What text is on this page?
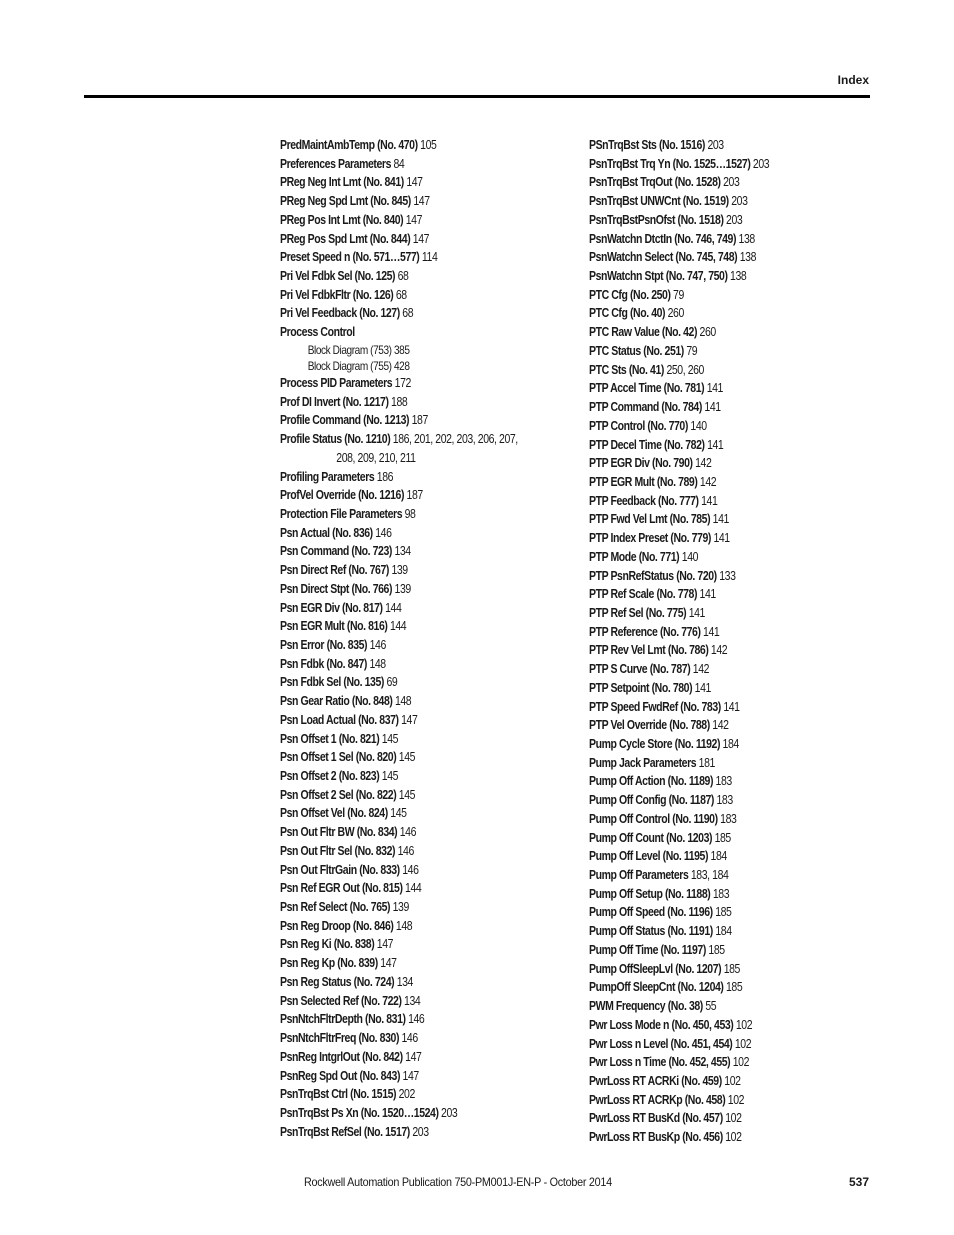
Index
PredMaintAmbTemp (No. 470) 105
Preferences Parameters 84
PReg Neg Int Lmt (No. 841) 147
PReg Neg Spd Lmt (No. 845) 147
PReg Pos Int Lmt (No. 840) 147
PReg Pos Spd Lmt (No. 844) 147
Preset Speed n (No. 571…577) 114
Pri Vel Fdbk Sel (No. 125) 68
Pri Vel FdbkFltr (No. 126) 68
Pri Vel Feedback (No. 127) 68
Process Control
Block Diagram (753) 385
Block Diagram (755) 428
Process PID Parameters 172
Prof DI Invert (No. 1217) 188
Profile Command (No. 1213) 187
Profile Status (No. 1210) 186, 201, 202, 203, 206, 207,
208, 209, 210, 211
Profiling Parameters 186
ProfVel Override (No. 1216) 187
Protection File Parameters 98
Psn Actual (No. 836) 146
Psn Command (No. 723) 134
Psn Direct Ref (No. 767) 139
Psn Direct Stpt (No. 766) 139
Psn EGR Div (No. 817) 144
Psn EGR Mult (No. 816) 144
Psn Error (No. 835) 146
Psn Fdbk (No. 847) 148
Psn Fdbk Sel (No. 135) 69
Psn Gear Ratio (No. 848) 148
Psn Load Actual (No. 837) 147
Psn Offset 1 (No. 821) 145
Psn Offset 1 Sel (No. 820) 145
Psn Offset 2 (No. 823) 145
Psn Offset 2 Sel (No. 822) 145
Psn Offset Vel (No. 824) 145
Psn Out Fltr BW (No. 834) 146
Psn Out Fltr Sel (No. 832) 146
Psn Out FltrGain (No. 833) 146
Psn Ref EGR Out (No. 815) 144
Psn Ref Select (No. 765) 139
Psn Reg Droop (No. 846) 148
Psn Reg Ki (No. 838) 147
Psn Reg Kp (No. 839) 147
Psn Reg Status (No. 724) 134
Psn Selected Ref (No. 722) 134
PsnNtchFltrDepth (No. 831) 146
PsnNtchFltrFreq (No. 830) 146
PsnReg IntgrlOut (No. 842) 147
PsnReg Spd Out (No. 843) 147
PsnTrqBst Ctrl (No. 1515) 202
PsnTrqBst Ps Xn (No. 1520…1524) 203
PsnTrqBst RefSel (No. 1517) 203
PSnTrqBst Sts (No. 1516) 203
PsnTrqBst Trq Yn (No. 1525…1527) 203
PsnTrqBst TrqOut (No. 1528) 203
PsnTrqBst UNWCnt (No. 1519) 203
PsnTrqBstPsnOfst (No. 1518) 203
PsnWatchn DtctIn (No. 746, 749) 138
PsnWatchn Select (No. 745, 748) 138
PsnWatchn Stpt (No. 747, 750) 138
PTC Cfg (No. 250) 79
PTC Cfg (No. 40) 260
PTC Raw Value (No. 42) 260
PTC Status (No. 251) 79
PTC Sts (No. 41) 250, 260
PTP Accel Time (No. 781) 141
PTP Command (No. 784) 141
PTP Control (No. 770) 140
PTP Decel Time (No. 782) 141
PTP EGR Div (No. 790) 142
PTP EGR Mult (No. 789) 142
PTP Feedback (No. 777) 141
PTP Fwd Vel Lmt (No. 785) 141
PTP Index Preset (No. 779) 141
PTP Mode (No. 771) 140
PTP PsnRefStatus (No. 720) 133
PTP Ref Scale (No. 778) 141
PTP Ref Sel (No. 775) 141
PTP Reference (No. 776) 141
PTP Rev Vel Lmt (No. 786) 142
PTP S Curve (No. 787) 142
PTP Setpoint (No. 780) 141
PTP Speed FwdRef (No. 783) 141
PTP Vel Override (No. 788) 142
Pump Cycle Store (No. 1192) 184
Pump Jack Parameters 181
Pump Off Action (No. 1189) 183
Pump Off Config (No. 1187) 183
Pump Off Control (No. 1190) 183
Pump Off Count (No. 1203) 185
Pump Off Level (No. 1195) 184
Pump Off Parameters 183, 184
Pump Off Setup (No. 1188) 183
Pump Off Speed (No. 1196) 185
Pump Off Status (No. 1191) 184
Pump Off Time (No. 1197) 185
Pump OffSleepLvl (No. 1207) 185
PumpOff SleepCnt (No. 1204) 185
PWM Frequency (No. 38) 55
Pwr Loss Mode n (No. 450, 453) 102
Pwr Loss n Level (No. 451, 454) 102
Pwr Loss n Time (No. 452, 455) 102
PwrLoss RT ACRKi (No. 459) 102
PwrLoss RT ACRKp (No. 458) 102
PwrLoss RT BusKd (No. 457) 102
PwrLoss RT BusKp (No. 456) 102
Rockwell Automation Publication 750-PM001J-EN-P - October 2014	537
